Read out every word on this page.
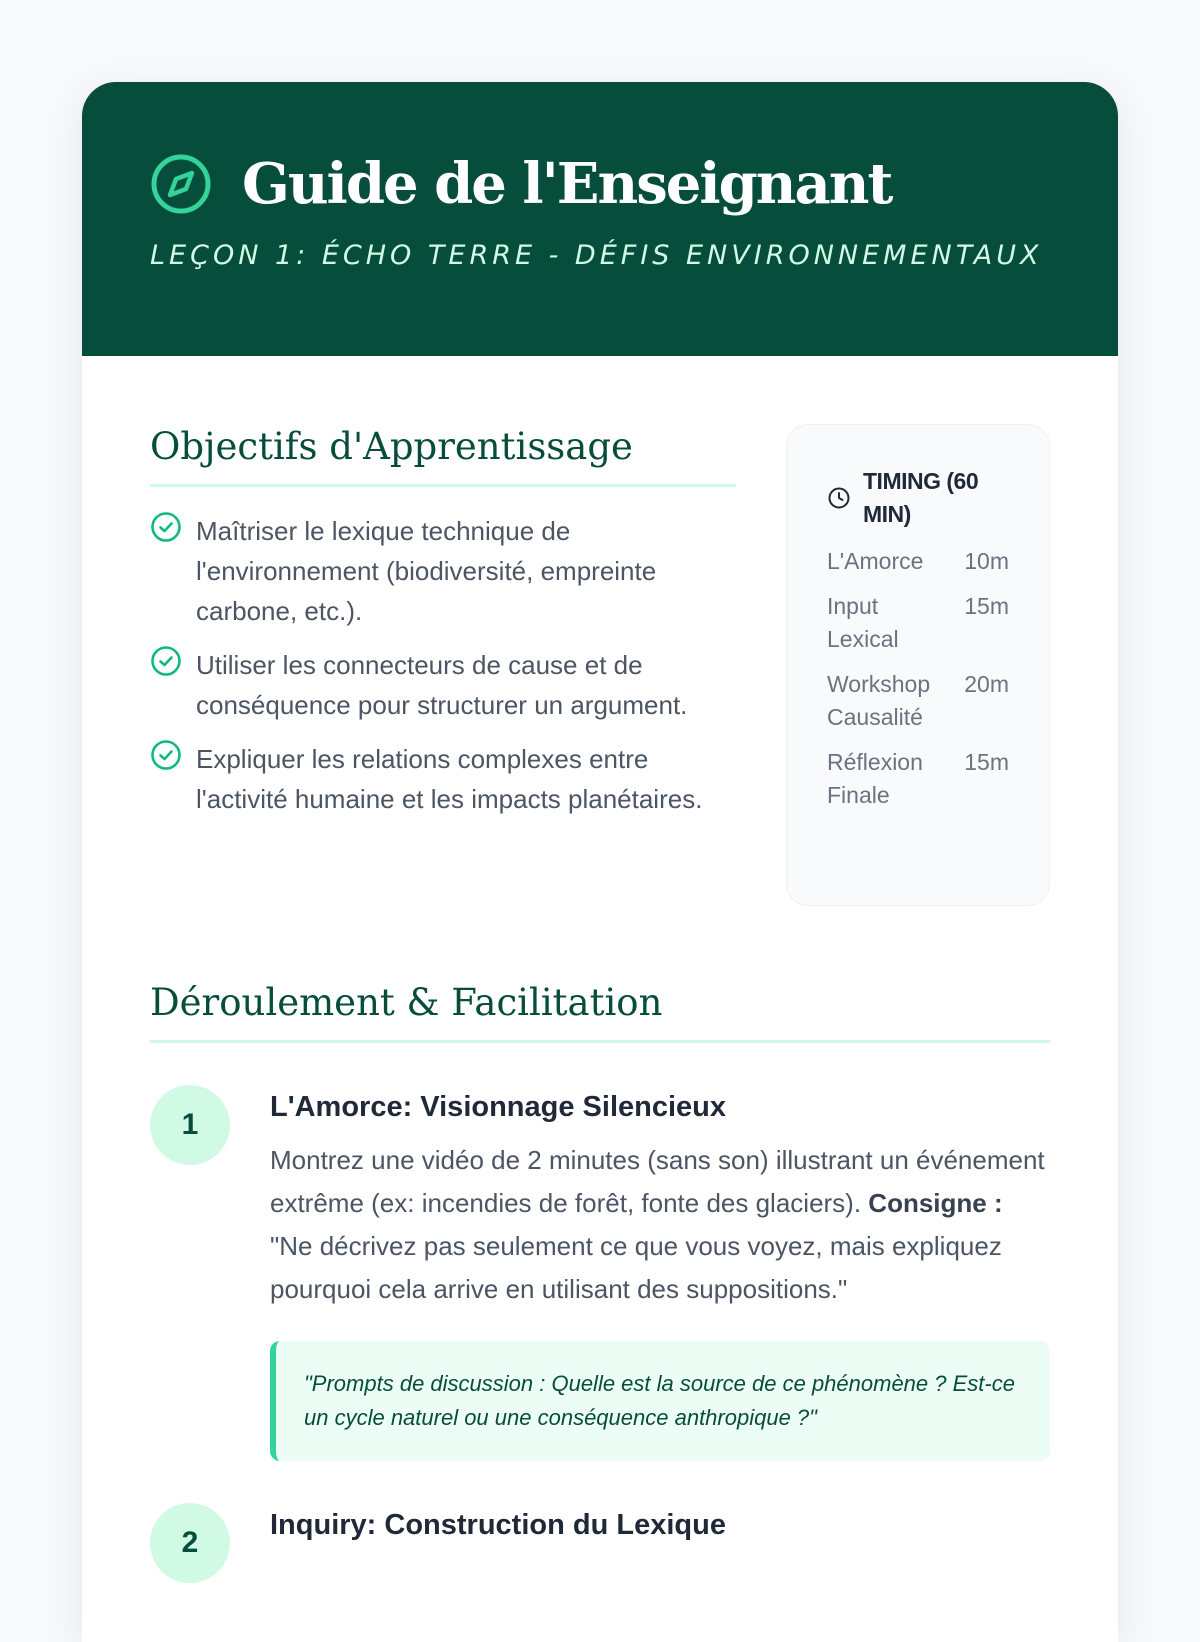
Guide de l'Enseignant
LEÇON 1: ÉCHO TERRE - DÉFIS ENVIRONNEMENTAUX
Objectifs d'Apprentissage
Maîtriser le lexique technique de l'environnement (biodiversité, empreinte carbone, etc.).
Utiliser les connecteurs de cause et de conséquence pour structurer un argument.
Expliquer les relations complexes entre l'activité humaine et les impacts planétaires.
TIMING (60 MIN)
L'Amorce	10m
Input Lexical
15m
Workshop Causalité
20m
Réflexion Finale
15m
Déroulement & Facilitation
1
L'Amorce: Visionnage Silencieux
Montrez une vidéo de 2 minutes (sans son) illustrant un événement extrême (ex: incendies de forêt, fonte des glaciers). Consigne : "Ne décrivez pas seulement ce que vous voyez, mais expliquez pourquoi cela arrive en utilisant des suppositions."
"Prompts de discussion : Quelle est la source de ce phénomène ? Est-ce un cycle naturel ou une conséquence anthropique ?"
2
Inquiry: Construction du Lexique
